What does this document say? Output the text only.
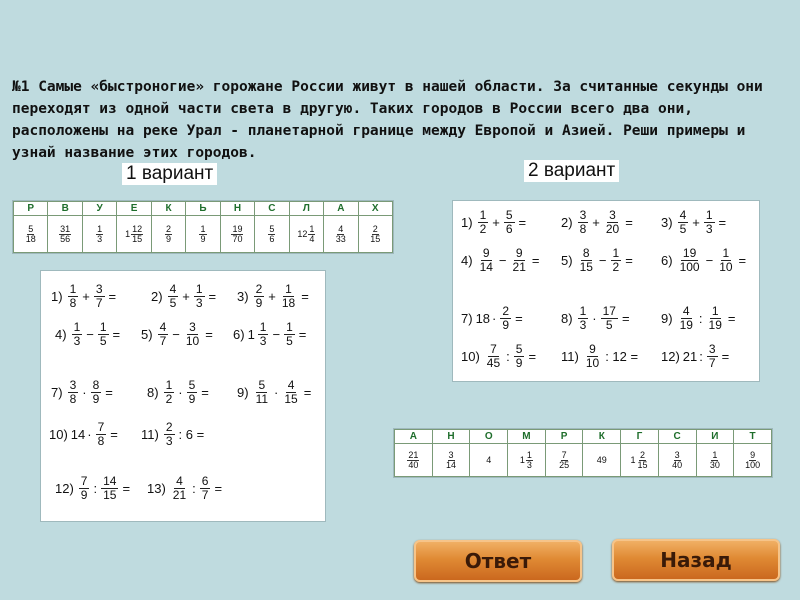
№1 Самые «быстроногие» горожане России живут в нашей области. За считанные секунды они переходят из одной части света в другую. Таких городов в России всего два они, расположены на реке Урал - планетарной границе между Европой и Азией. Реши примеры и узнай название этих городов.

1 вариант	2 вариант
Р	В	У	Е	К	Ь	Н	С	Л	А	Х

$\frac{5}{18}$	$\frac{31}{56}$	$\frac{1}{3}$	$1 \frac{12}{15}$	$\frac{2}{9}$	$\frac{1}{9}$	$\frac{19}{70}$	$\frac{5}{6}$	$12 \frac{1}{4}$	$\frac{4}{33}$	$\frac{2}{15}$
$1) \frac{1}{8} + \frac{3}{7}$ =	$2) \frac{4}{5} + \frac{1}{3} = 3) \frac{2}{9} + \frac{1}{18}$ =
$4) \frac{1}{3} - \frac{1}{5} = 5) \frac{4}{7} - \frac{3}{10} = 6$) $1 \frac{1}{3} - \frac{1}{5}$ =
$7) \frac{3}{8} \cdot \frac{8}{9}$ =	$8) \frac{1}{2} \cdot \frac{5}{9} = 9) \frac{5}{11} \cdot \frac{4}{15}$ =
10) $14 \cdot \frac{7}{8} = 11) \frac{2}{3}$ : 6 =
$12) \frac{7}{9}$ : $\frac{14}{15} = 13) \frac{4}{21}$ : $\frac{6}{7}$ =
$1) \frac{1}{2} + \frac{5}{6}$ =	$2) \frac{3}{8} + \frac{3}{20} = 3) \frac{4}{5} + \frac{1}{3}$ =
$4) \frac{9}{14} - \frac{9}{21} = 5) \frac{8}{15} - \frac{1}{2} = 6) \frac{19}{100} - \frac{1}{10}$ =
7) $18 \cdot \frac{2}{9}$ =	$8) \frac{1}{3} \cdot \frac{17}{5} = 9) \frac{4}{19}$ : $\frac{1}{19}$ =
$10) \frac{7}{45}$ : $\frac{5}{9} = 11) \frac{9}{10}$ : 12 = 12) 21 : $\frac{3}{7}$ =
А	Н	О	М	Р	К	Г	С	И	Т

$\frac{21}{40}$	$\frac{3}{14}$	4	$1 \frac{1}{3}$	$\frac{7}{25}$	49	$1 \frac{2}{15}$	$\frac{3}{40}$	$\frac{1}{30}$	$\frac{9}{100}$
Ответ	Назад
